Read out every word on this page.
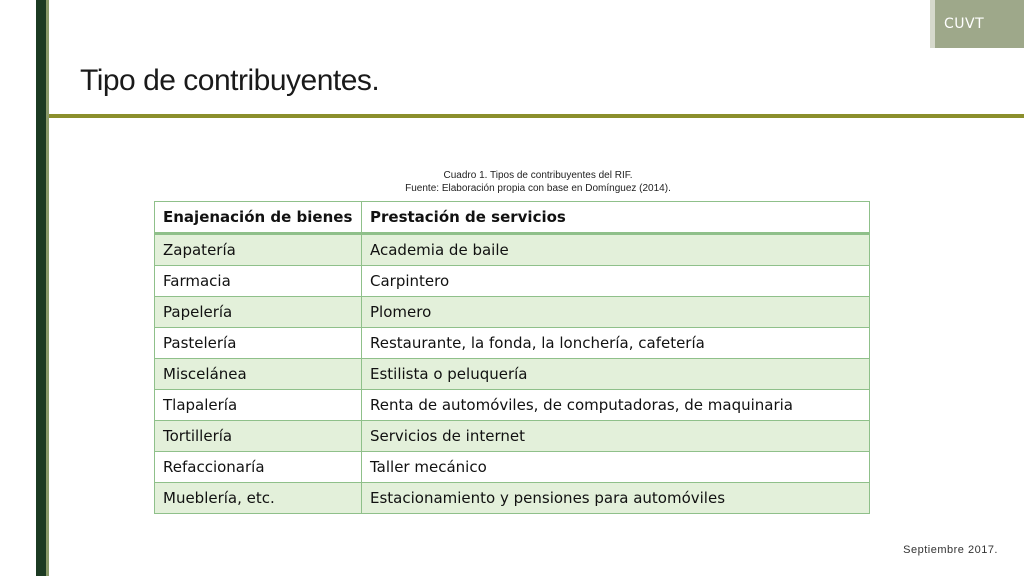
CUVT
Tipo de contribuyentes.
Cuadro 1. Tipos de contribuyentes del RIF.
Fuente: Elaboración propia con base en Domínguez (2014).
Enajenación de bienes	Prestación de servicios
Zapatería	Academia de baile
Farmacia	Carpintero
Papelería	Plomero
Pastelería	Restaurante, la fonda, la lonchería, cafetería
Miscelánea	Estilista o peluquería
Tlapalería	Renta de automóviles, de computadoras, de maquinaria
Tortillería	Servicios de internet
Refaccionaría	Taller mecánico
Mueblería, etc.	Estacionamiento y pensiones para automóviles
Septiembre 2017.
